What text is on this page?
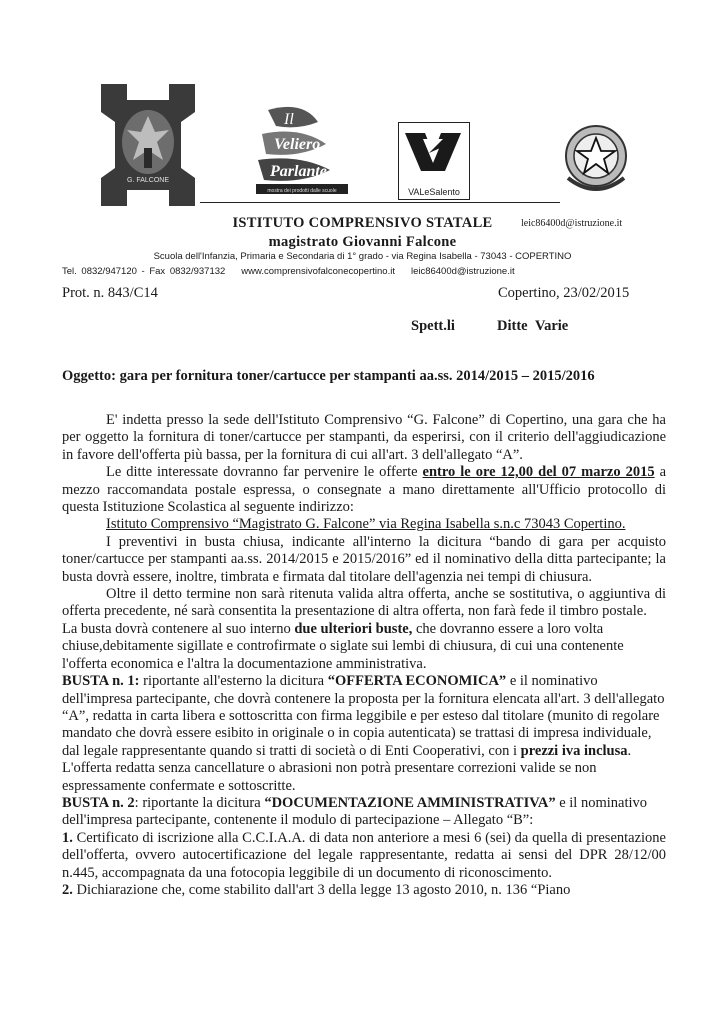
G. FALCONE
Il
Veliero
Parlante
mostra dei prodotti dalle scuole	VALeSalento
ISTITUTO COMPRENSIVO STATALE	leic86400d@istruzione.it
magistrato Giovanni Falcone
Scuola dell'Infanzia, Primaria e Secondaria di 1° grado - via Regina Isabella - 73043 - COPERTINO
Tel. 0832/947120 - Fax 0832/937132 www.comprensivofalconecopertino.it leic86400d@istruzione.it
Prot. n. 843/C14	Copertino, 23/02/2015
Spett.li	Ditte Varie
Oggetto: gara per fornitura toner/cartucce per stampanti aa.ss. 2014/2015 – 2015/2016

E' indetta presso la sede dell'Istituto Comprensivo “G. Falcone” di Copertino, una gara che ha per oggetto la fornitura di toner/cartucce per stampanti, da esperirsi, con il criterio dell'aggiudicazione in favore dell'offerta più bassa, per la fornitura di cui all'art. 3 dell'allegato “A”.

Le ditte interessate dovranno far pervenire le offerte entro le ore 12,00 del 07 marzo 2015 a mezzo raccomandata postale espressa, o consegnate a mano direttamente all'Ufficio protocollo di questa Istituzione Scolastica al seguente indirizzo:

Istituto Comprensivo “Magistrato G. Falcone” via Regina Isabella s.n.c 73043 Copertino.

I preventivi in busta chiusa, indicante all'interno la dicitura “bando di gara per acquisto toner/cartucce per stampanti aa.ss. 2014/2015 e 2015/2016” ed il nominativo della ditta partecipante; la busta dovrà essere, inoltre, timbrata e firmata dal titolare dell'agenzia nei tempi di chiusura.

Oltre il detto termine non sarà ritenuta valida altra offerta, anche se sostitutiva, o aggiuntiva di offerta precedente, né sarà consentita la presentazione di altra offerta, non farà fede il timbro postale.

La busta dovrà contenere al suo interno due ulteriori buste, che dovranno essere a loro volta chiuse,debitamente sigillate e controfirmate o siglate sui lembi di chiusura, di cui una contenente l'offerta economica e l'altra la documentazione amministrativa.

BUSTA n. 1: riportante all'esterno la dicitura “OFFERTA ECONOMICA” e il nominativo dell'impresa partecipante, che dovrà contenere la proposta per la fornitura elencata all'art. 3 dell'allegato “A”, redatta in carta libera e sottoscritta con firma leggibile e per esteso dal titolare (munito di regolare mandato che dovrà essere esibito in originale o in copia autenticata) se trattasi di impresa individuale, dal legale rappresentante quando si tratti di società o di Enti Cooperativi, con i prezzi iva inclusa.

L'offerta redatta senza cancellature o abrasioni non potrà presentare correzioni valide se non espressamente confermate e sottoscritte.

BUSTA n. 2: riportante la dicitura “DOCUMENTAZIONE AMMINISTRATIVA” e il nominativo dell'impresa partecipante, contenente il modulo di partecipazione – Allegato “B”:

1. Certificato di iscrizione alla C.C.I.A.A. di data non anteriore a mesi 6 (sei) da quella di presentazione dell'offerta, ovvero autocertificazione del legale rappresentante, redatta ai sensi del DPR 28/12/00 n.445, accompagnata da una fotocopia leggibile di un documento di riconoscimento.

2. Dichiarazione che, come stabilito dall'art 3 della legge 13 agosto 2010, n. 136 “Piano
